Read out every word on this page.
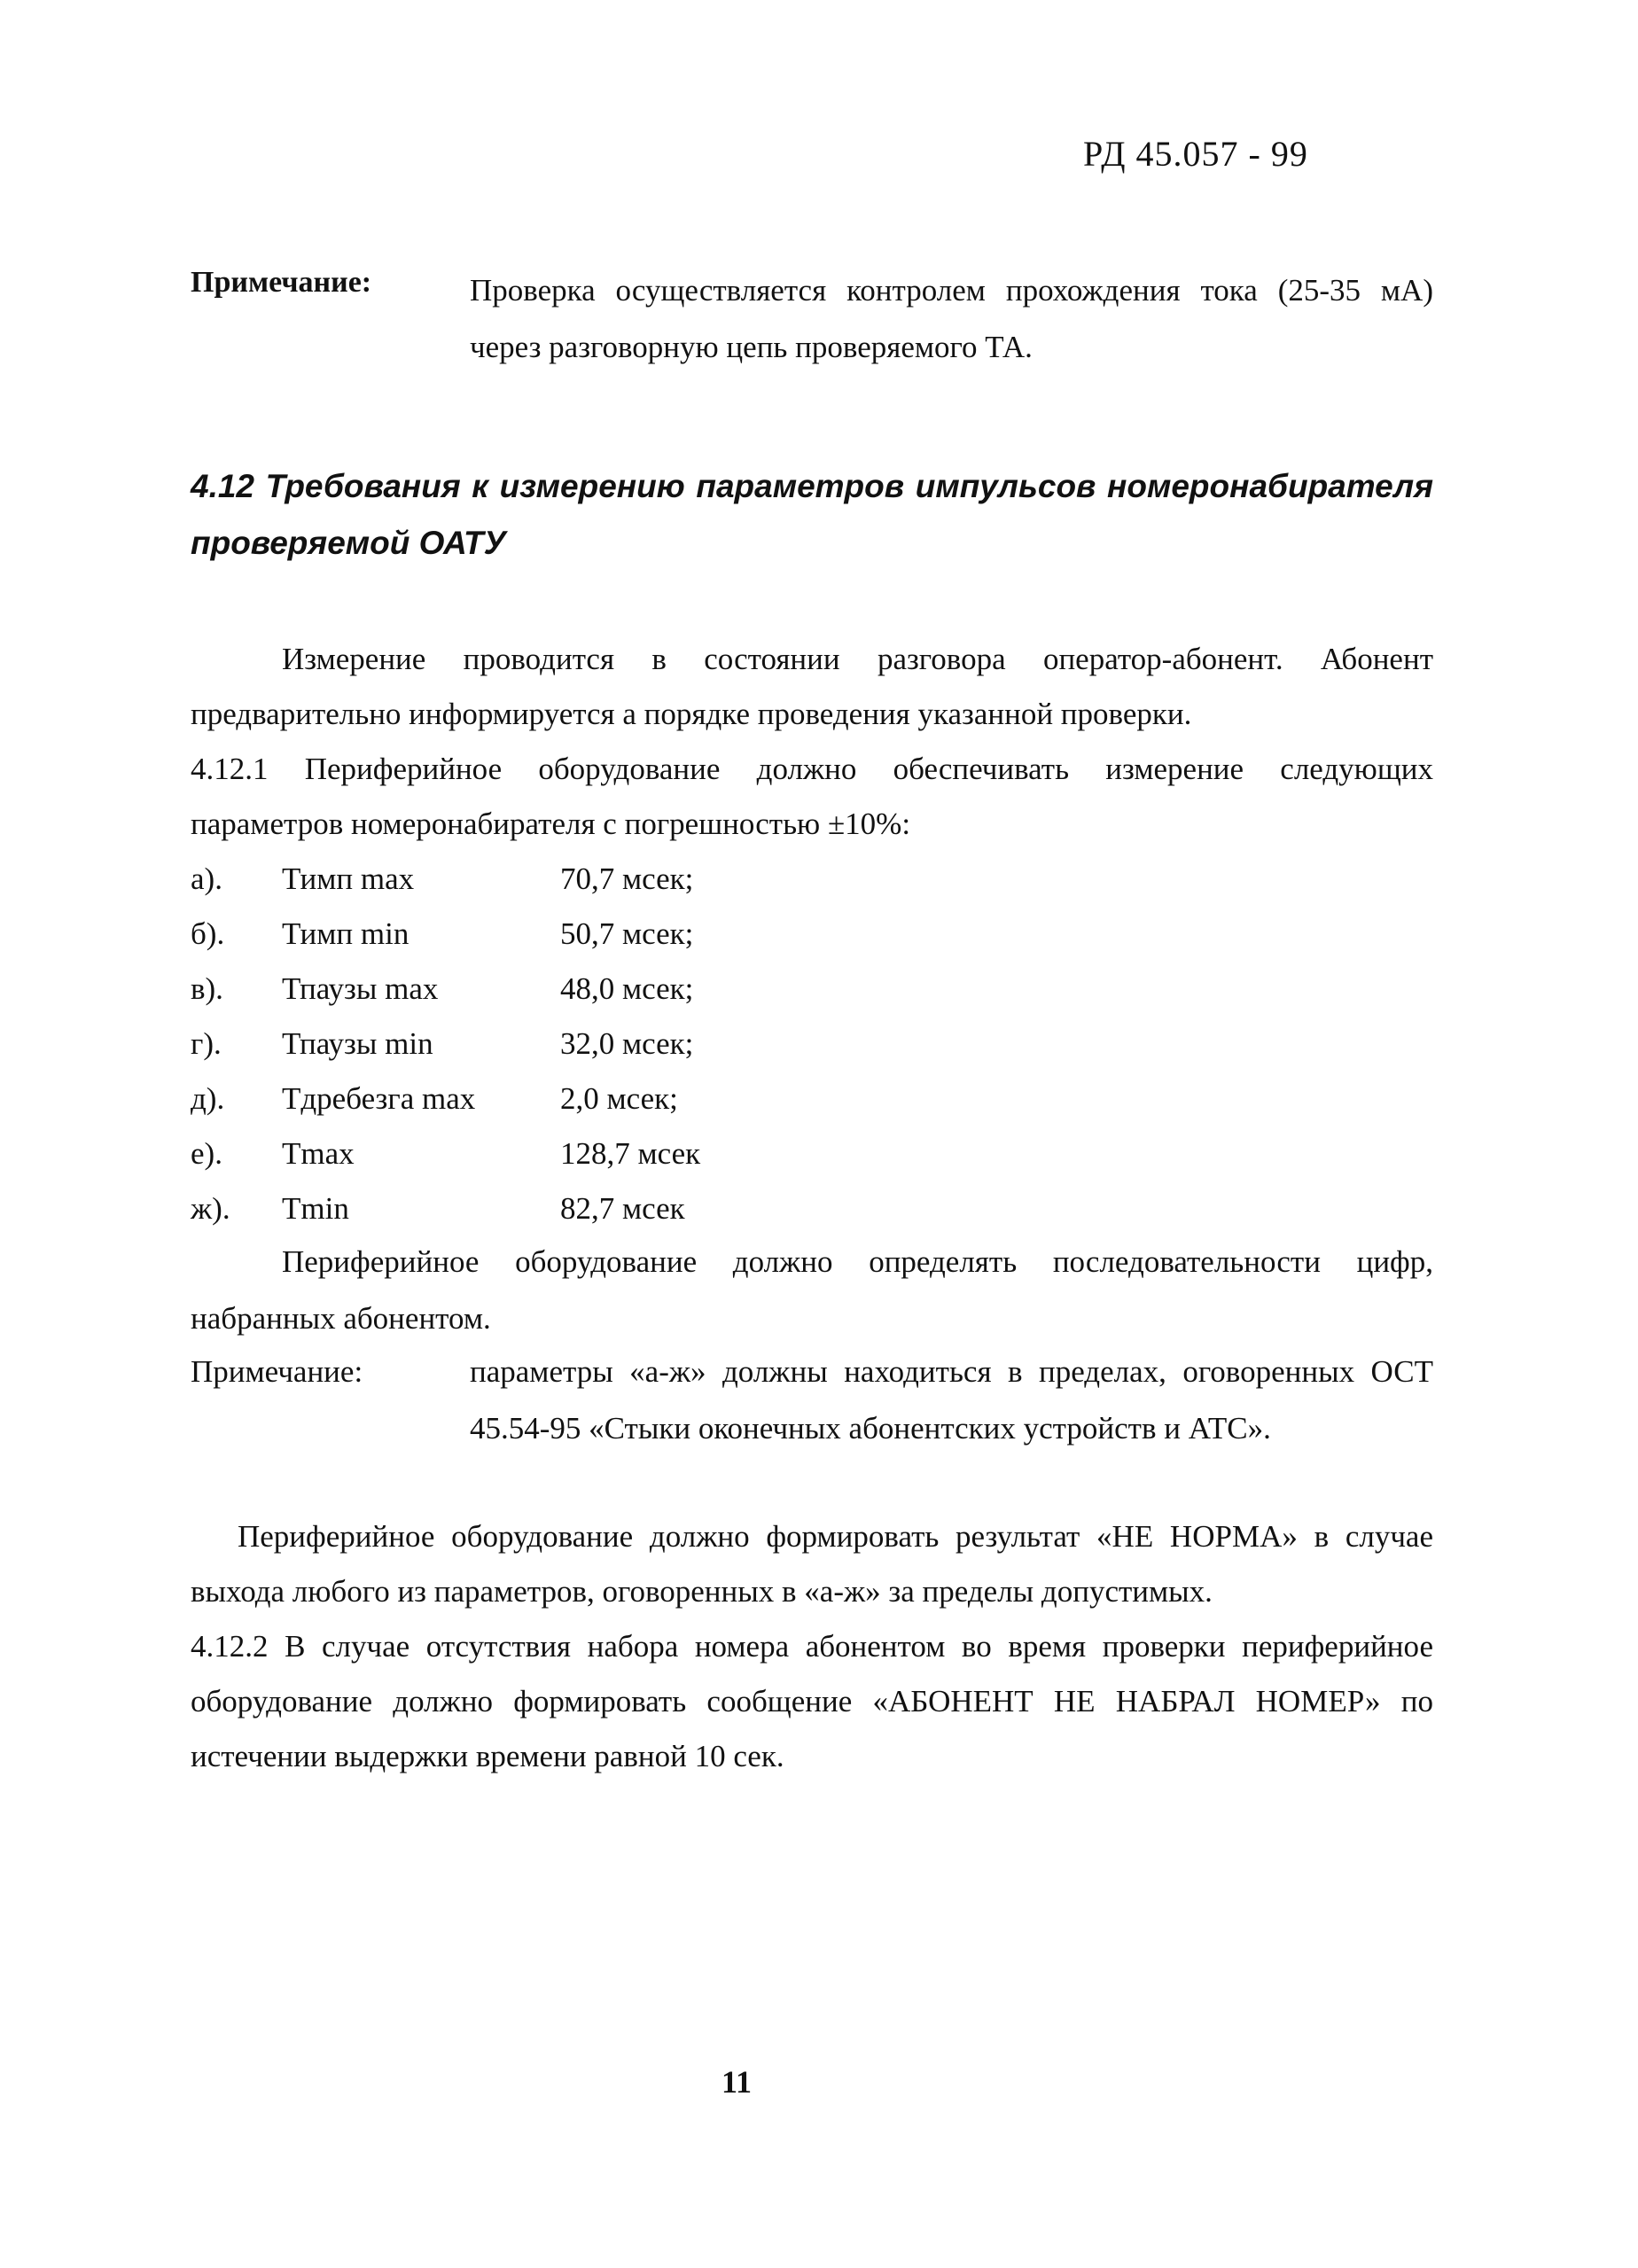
РД 45.057 - 99
Примечание:	Проверка осуществляется контролем прохождения тока (25-35 мА)
через разговорную цепь проверяемого ТА.
4.12 Требования к измерению параметров импульсов номеронабирателя
проверяемой ОАТУ
Измерение проводится в состоянии разговора оператор-абонент. Абонент
предварительно информируется а порядке проведения указанной проверки.
4.12.1 Периферийное оборудование должно обеспечивать измерение следующих
параметров номеронабирателя с погрешностью ±10%:
а). Тимп max	70,7 мсек;
б). Тимп min	50,7 мсек;
в). Тпаузы max	48,0 мсек;
г). Тпаузы min	32,0 мсек;
д). Тдребезга max	2,0 мсек;
е). Tmax	128,7 мсек
ж). Tmin	82,7 мсек
Периферийное оборудование должно определять последовательности цифр,
набранных абонентом.
Примечание:	параметры «а-ж» должны находиться в пределах, оговоренных ОСТ
45.54-95 «Стыки оконечных абонентских устройств и АТС».
Периферийное оборудование должно формировать результат «НЕ НОРМА» в случае
выхода любого из параметров, оговоренных в «а-ж» за пределы допустимых.
4.12.2 В случае отсутствия набора номера абонентом во время проверки периферийное
оборудование должно формировать сообщение «АБОНЕНТ НЕ НАБРАЛ НОМЕР» по
истечении выдержки времени равной 10 сек.
11
